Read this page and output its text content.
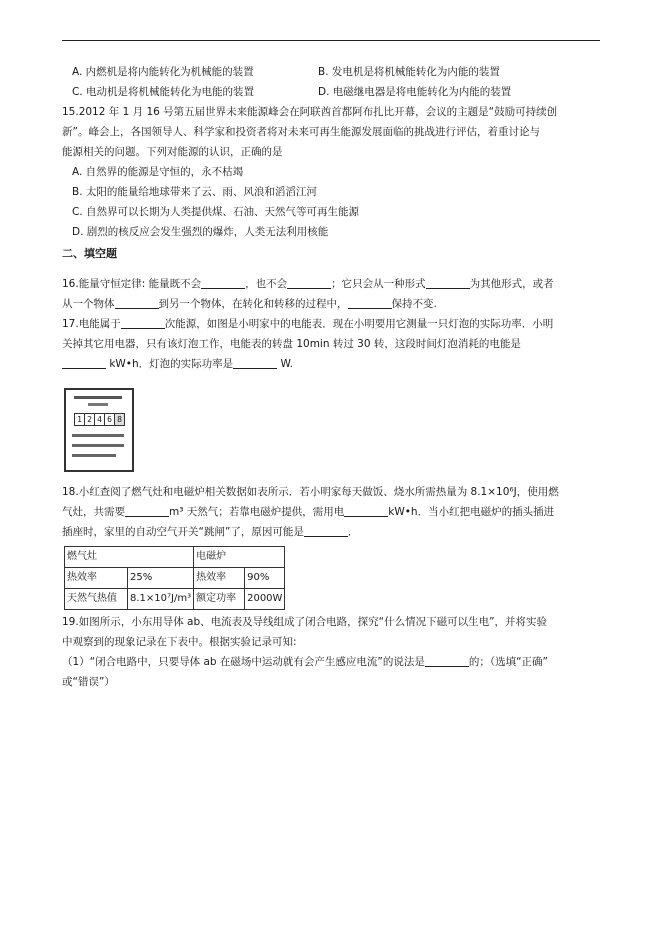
A. 内燃机是将内能转化为机械能的装置	B. 发电机是将机械能转化为内能的装置
C. 电动机是将机械能转化为电能的装置	D. 电磁继电器是将电能转化为内能的装置
15.2012 年 1 月 16 号第五届世界未来能源峰会在阿联酋首都阿布扎比开幕，会议的主题是“鼓励可持续创
新”。峰会上，各国领导人、科学家和投资者将对未来可再生能源发展面临的挑战进行评估，着重讨论与
能源相关的问题。下列对能源的认识，正确的是
A. 自然界的能源是守恒的，永不枯竭
B. 太阳的能量给地球带来了云、雨、风浪和滔滔江河
C. 自然界可以长期为人类提供煤、石油、天然气等可再生能源
D. 剧烈的核反应会发生强烈的爆炸，人类无法利用核能
二、填空题
16.能量守恒定律: 能量既不会	，也不会	；它只会从一种形式	为其他形式，或者
从一个物体	到另一个物体，在转化和转移的过程中，	保持不变.
17.电能属于	次能源，如图是小明家中的电能表．现在小明要用它测量一只灯泡的实际功率．小明
关掉其它用电器，只有该灯泡工作，电能表的转盘 10min 转过 30 转，这段时间灯泡消耗的电能是
kW•h．灯泡的实际功率是	W.
1 2 4 6 8
18.小红查阅了燃气灶和电磁炉相关数据如表所示．若小明家每天做饭、烧水所需热量为 8.1×10⁶J，使用燃
气灶，共需要	m³ 天然气；若靠电磁炉提供，需用电	kW•h．当小红把电磁炉的插头插进
插座时，家里的自动空气开关“跳闸”了，原因可能是	．
燃气灶		电磁炉	
热效率	25%	热效率	90%
天然气热值	8.1×10⁷J/m³	额定功率	2000W
19.如图所示，小东用导体 ab、电流表及导线组成了闭合电路，探究“什么情况下磁可以生电”，并将实验
中观察到的现象记录在下表中。根据实验记录可知:
（1）“闭合电路中，只要导体 ab 在磁场中运动就有会产生感应电流”的说法是	的；（选填“正确”
或“错误”）
